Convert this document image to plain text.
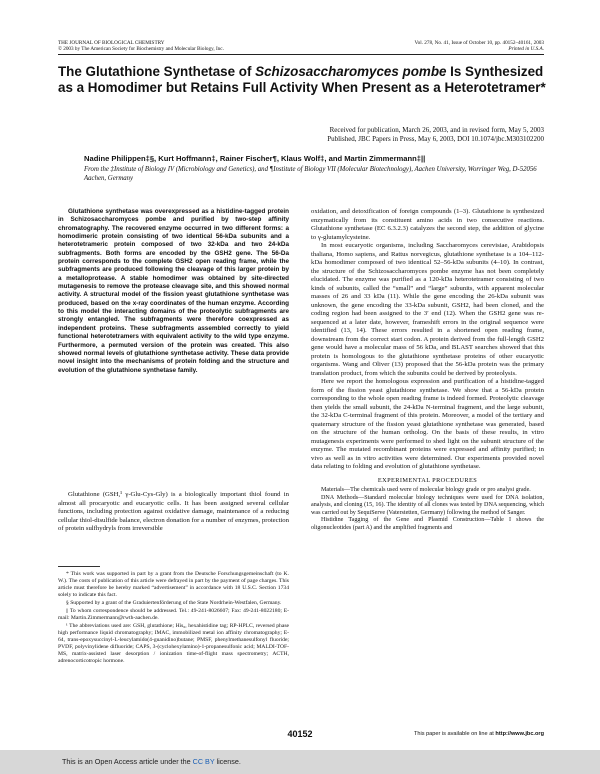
THE JOURNAL OF BIOLOGICAL CHEMISTRY
© 2003 by The American Society for Biochemistry and Molecular Biology, Inc.
Vol. 278, No. 41, Issue of October 10, pp. 40152–40161, 2003
Printed in U.S.A.
The Glutathione Synthetase of Schizosaccharomyces pombe Is Synthesized as a Homodimer but Retains Full Activity When Present as a Heterotetramer*
Received for publication, March 26, 2003, and in revised form, May 5, 2003
Published, JBC Papers in Press, May 6, 2003, DOI 10.1074/jbc.M303102200
Nadine Philippen‡§, Kurt Hoffmann‡, Rainer Fischer¶, Klaus Wolf‡, and Martin Zimmermann‡||
From the ‡Institute of Biology IV (Microbiology and Genetics), and ¶Institute of Biology VII (Molecular Biotechnology), Aachen University, Worringer Weg, D-52056 Aachen, Germany
Glutathione synthetase was overexpressed as a histidine-tagged protein in Schizosaccharomyces pombe and purified by two-step affinity chromatography. The recovered enzyme occurred in two different forms: a homodimeric protein consisting of two identical 56-kDa subunits and a heterotetrameric protein composed of two 32-kDa and two 24-kDa subfragments. Both forms are encoded by the GSH2 gene. The 56-Da protein corresponds to the complete GSH2 open reading frame, while the subfragments are produced following the cleavage of this larger protein by a metalloprotease. A stable homodimer was obtained by site-directed mutagenesis to remove the protease cleavage site, and this showed normal activity. A structural model of the fission yeast glutathione synthetase was produced, based on the x-ray coordinates of the human enzyme. According to this model the interacting domains of the proteolytic subfragments are strongly entangled. The subfragments were therefore coexpressed as independent proteins. These subfragments assembled correctly to yield functional heterotetramers with equivalent activity to the wild type enzyme. Furthermore, a permuted version of the protein was created. This also showed normal levels of glutathione synthetase activity. These data provide novel insight into the mechanisms of protein folding and the structure and evolution of the glutathione synthetase family.
Glutathione (GSH,¹ γ-Glu-Cys-Gly) is a biologically important thiol found in almost all procaryotic and eucaryotic cells. It has been assigned several cellular functions, including protection against oxidative damage, maintenance of a reducing cellular thiol-disulfide balance, electron donation for a number of enzymes, protection of protein sulfhydryls from irreversible

* This work was supported in part by a grant from the Deutsche Forschungsgemeinschaft (to K. W.). The costs of publication of this article were defrayed in part by the payment of page charges. This article must therefore be hereby marked “advertisement” in accordance with 18 U.S.C. Section 1734 solely to indicate this fact.

§ Supported by a grant of the Graduiertenförderung of the State Nordrhein-Westfalen, Germany.

|| To whom correspondence should be addressed. Tel.: 49-241-8026607; Fax: 49-241-8022180; E-mail: Martin.Zimmermann@rwth-aachen.de.

¹ The abbreviations used are: GSH, glutathione; His₆, hexahistidine tag; RP-HPLC, reversed phase high performance liquid chromatography; IMAC, immobilized metal ion affinity chromatography; E-64, trans-epoxysuccinyl-L-leucylamido(4-guanidino)butane; PMSF, phenylmethanesulfonyl fluoride; PVDF, polyvinylidene difluoride; CAPS, 3-(cyclohexylamino)-1-propanesulfonic acid; MALDI-TOF-MS, matrix-assisted laser desorption / ionization time-of-flight mass spectrometry; ACTH, adrenocorticotropic hormone.

oxidation, and detoxification of foreign compounds (1–3). Glutathione is synthesized enzymatically from its constituent amino acids in two consecutive reactions. Glutathione synthetase (EC 6.3.2.3) catalyzes the second step, the addition of glycine to γ-glutamylcysteine.

In most eucaryotic organisms, including Saccharomyces cerevisiae, Arabidopsis thaliana, Homo sapiens, and Rattus norvegicus, glutathione synthetase is a 104–112-kDa homodimer composed of two identical 52–56-kDa subunits (4–10). In contrast, the structure of the Schizosaccharomyces pombe enzyme has not been completely elucidated. The enzyme was purified as a 120-kDa heterotetramer consisting of two kinds of subunits, called the “small” and “large” subunits, with apparent molecular masses of 26 and 33 kDa (11). While the gene encoding the 26-kDa subunit was unknown, the gene encoding the 33-kDa subunit, GSH2, had been cloned, and the coding region had been assigned to the 3′ end (12). When the GSH2 gene was re-sequenced at a later date, however, frameshift errors in the original sequence were identified (13, 14). These errors resulted in a shortened open reading frame, downstream from the correct start codon. A protein derived from the full-length GSH2 gene would have a molecular mass of 56 kDa, and BLAST searches showed that this protein is homologous to the glutathione synthetase proteins of other eucaryotic organisms. Wang and Oliver (13) proposed that the 56-kDa protein was the primary translation product, from which the subunits could be derived by proteolysis.

Here we report the homologous expression and purification of a histidine-tagged form of the fission yeast glutathione synthetase. We show that a 56-kDa protein corresponding to the whole open reading frame is indeed formed. Proteolytic cleavage then yields the small subunit, the 24-kDa N-terminal fragment, and the large subunit, the 32-kDa C-terminal fragment of this protein. Moreover, a model of the tertiary and quaternary structure of the fission yeast glutathione synthetase was generated, based on the structure of the human ortholog. On the basis of these results, in vitro mutagenesis experiments were performed to shed light on the subunit structure of the enzyme. The mutated recombinant proteins were expressed and affinity purified; in vivo as well as in vitro activities were determined. Our experiments provided novel data relating to folding and evolution of glutathione synthetase.

EXPERIMENTAL PROCEDURES

Materials—The chemicals used were of molecular biology grade or pro analysi grade.

DNA Methods—Standard molecular biology techniques were used for DNA isolation, analysis, and cloning (15, 16). The identity of all clones was tested by DNA sequencing, which was carried out by SequiServe (Vaterstetten, Germany) following the method of Sanger.

Histidine Tagging of the Gene and Plasmid Construction—Table I shows the oligonucleotides (part A) and the amplified fragments and

40152	This paper is available on line at http://www.jbc.org
This is an Open Access article under the CC BY license.
